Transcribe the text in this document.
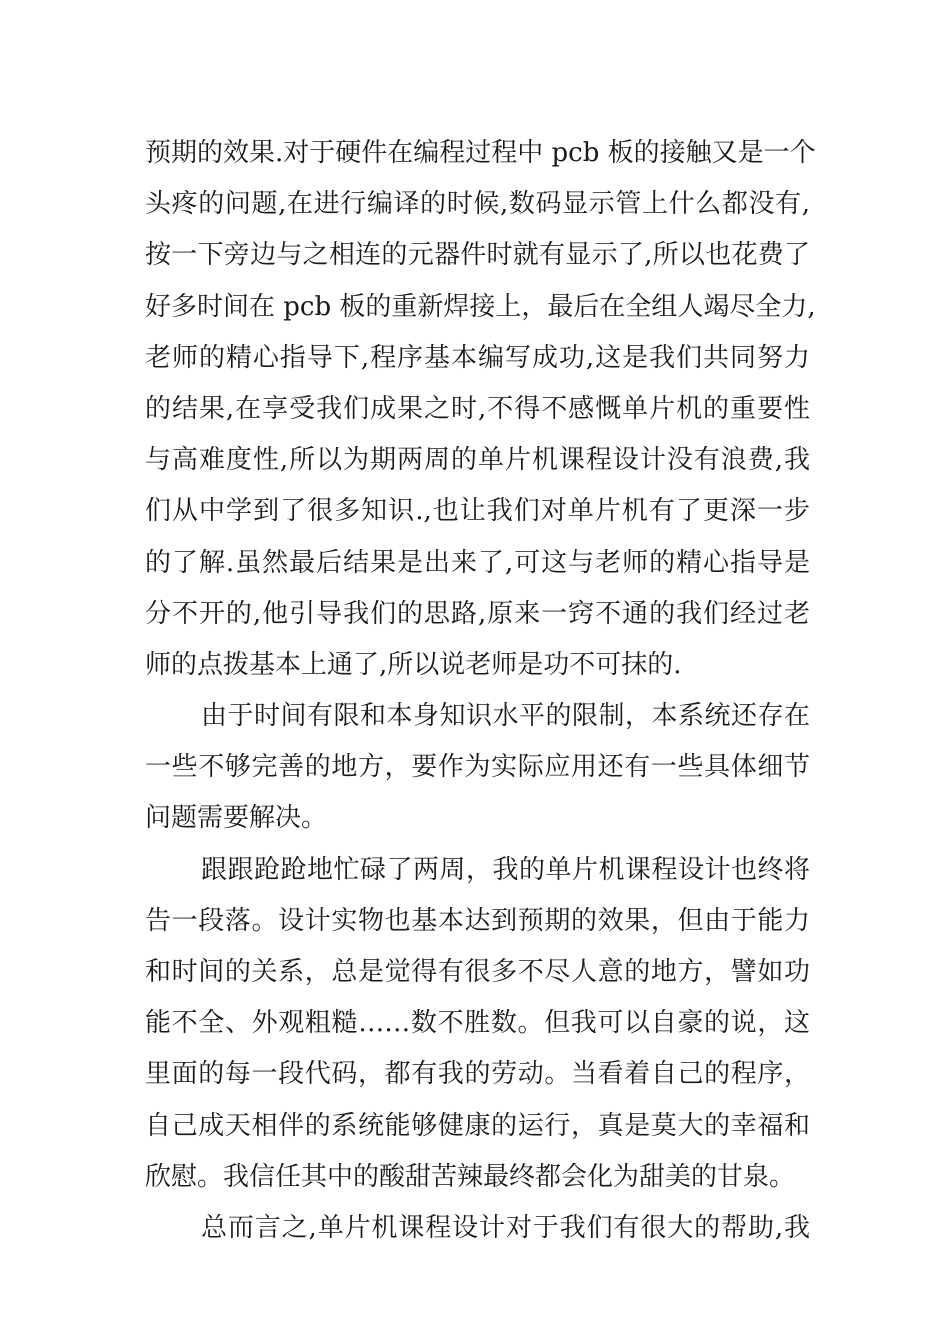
预期的效果.对于硬件在编程过程中 pcb 板的接触又是一个
头疼的问题,在进行编译的时候,数码显示管上什么都没有,
按一下旁边与之相连的元器件时就有显示了,所以也花费了
好多时间在 pcb 板的重新焊接上，最后在全组人竭尽全力,
老师的精心指导下,程序基本编写成功,这是我们共同努力
的结果,在享受我们成果之时,不得不感慨单片机的重要性
与高难度性,所以为期两周的单片机课程设计没有浪费,我
们从中学到了很多知识.,也让我们对单片机有了更深一步
的了解.虽然最后结果是出来了,可这与老师的精心指导是
分不开的,他引导我们的思路,原来一窍不通的我们经过老
师的点拨基本上通了,所以说老师是功不可抹的.
由于时间有限和本身知识水平的限制，本系统还存在
一些不够完善的地方，要作为实际应用还有一些具体细节
问题需要解决。
跟跟跄跄地忙碌了两周，我的单片机课程设计也终将
告一段落。设计实物也基本达到预期的效果，但由于能力
和时间的关系，总是觉得有很多不尽人意的地方，譬如功
能不全、外观粗糙……数不胜数。但我可以自豪的说，这
里面的每一段代码，都有我的劳动。当看着自己的程序，
自己成天相伴的系统能够健康的运行，真是莫大的幸福和
欣慰。我信任其中的酸甜苦辣最终都会化为甜美的甘泉。
总而言之,单片机课程设计对于我们有很大的帮助,我
